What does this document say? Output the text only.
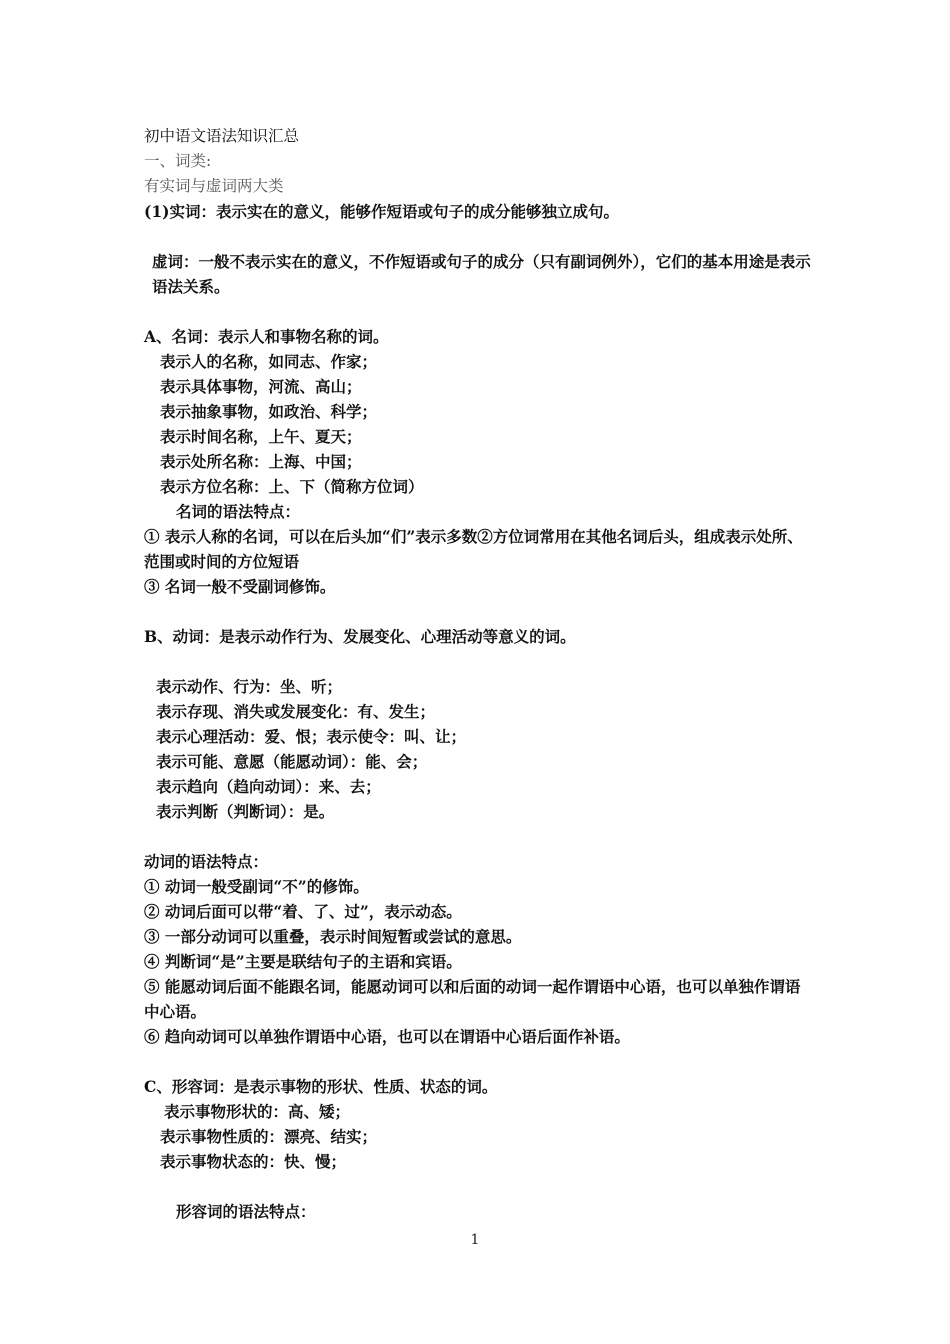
初中语文语法知识汇总
一、词类:
有实词与虚词两大类
(1)实词：表示实在的意义，能够作短语或句子的成分能够独立成句。
虚词：一般不表示实在的意义，不作短语或句子的成分（只有副词例外），它们的基本用途是表示语法关系。
A、名词：表示人和事物名称的词。
表示人的名称，如同志、作家；
表示具体事物，河流、高山；
表示抽象事物，如政治、科学；
表示时间名称，上午、夏天；
表示处所名称：上海、中国；
表示方位名称：上、下（简称方位词）
名词的语法特点：
① 表示人称的名词，可以在后头加“们”表示多数②方位词常用在其他名词后头，组成表示处所、范围或时间的方位短语
③ 名词一般不受副词修饰。
B、动词：是表示动作行为、发展变化、心理活动等意义的词。
表示动作、行为：坐、听；
表示存现、消失或发展变化：有、发生；
表示心理活动：爱、恨；表示使令：叫、让；
表示可能、意愿（能愿动词）：能、会；
表示趋向（趋向动词）：来、去；
表示判断（判断词）：是。
动词的语法特点：
① 动词一般受副词“不”的修饰。
② 动词后面可以带“着、了、过”，表示动态。
③ 一部分动词可以重叠，表示时间短暂或尝试的意思。
④ 判断词“是”主要是联结句子的主语和宾语。
⑤ 能愿动词后面不能跟名词，能愿动词可以和后面的动词一起作谓语中心语，也可以单独作谓语中心语。
⑥ 趋向动词可以单独作谓语中心语，也可以在谓语中心语后面作补语。
C、形容词：是表示事物的形状、性质、状态的词。
表示事物形状的：高、矮；
表示事物性质的：漂亮、结实；
表示事物状态的：快、慢；
形容词的语法特点：
1
